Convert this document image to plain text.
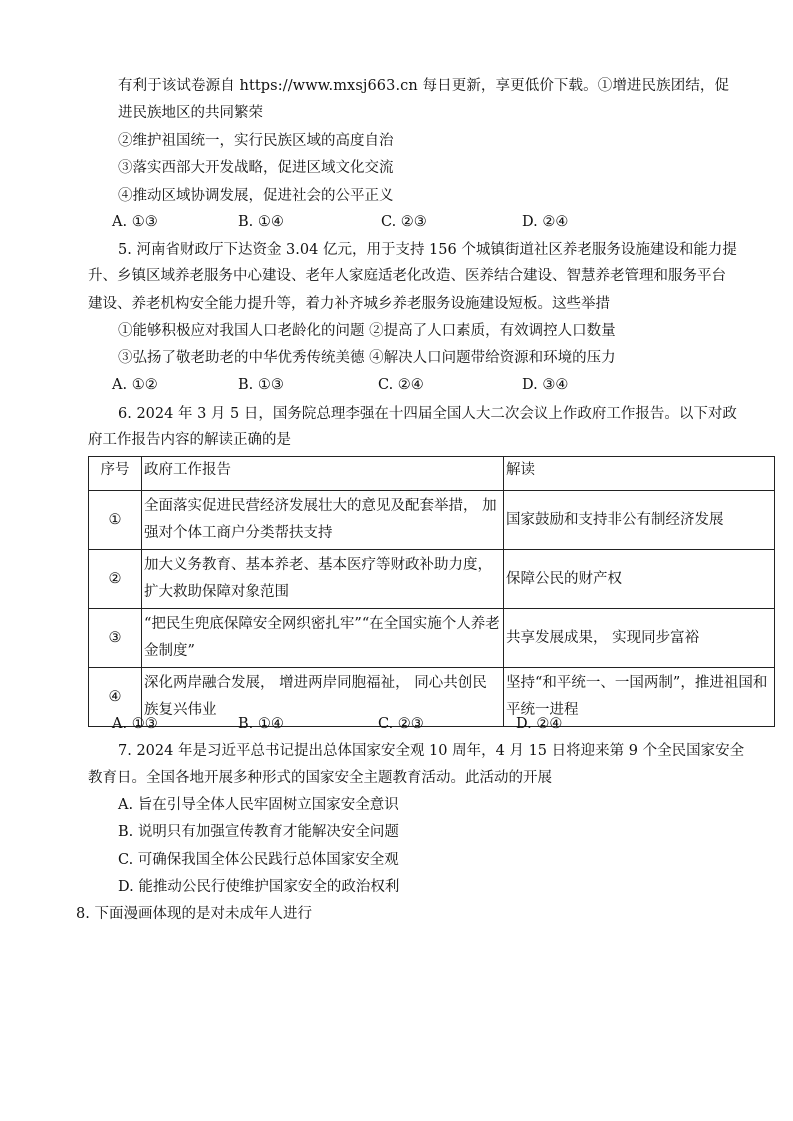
有利于该试卷源自 https://www.mxsj663.cn 每日更新，享更低价下载。①增进民族团结，促
进民族地区的共同繁荣
②维护祖国统一，实行民族区域的高度自治
③落实西部大开发战略，促进区域文化交流
④推动区域协调发展，促进社会的公平正义
A. ①③	B. ①④	C. ②③	D. ②④
5. 河南省财政厅下达资金 3.04 亿元，用于支持 156 个城镇街道社区养老服务设施建设和能力提
升、乡镇区域养老服务中心建设、老年人家庭适老化改造、医养结合建设、智慧养老管理和服务平台
建设、养老机构安全能力提升等，着力补齐城乡养老服务设施建设短板。这些举措
①能够积极应对我国人口老龄化的问题 ②提高了人口素质，有效调控人口数量
③弘扬了敬老助老的中华优秀传统美德 ④解决人口问题带给资源和环境的压力
A. ①②	B. ①③	C. ②④	D. ③④
6. 2024 年 3 月 5 日，国务院总理李强在十四届全国人大二次会议上作政府工作报告。以下对政
府工作报告内容的解读正确的是
序号	政府工作报告	解读
①	全面落实促进民营经济发展壮大的意见及配套举措， 加强对个体工商户分类帮扶支持	国家鼓励和支持非公有制经济发展
②	加大义务教育、基本养老、基本医疗等财政补助力度， 扩大救助保障对象范围	保障公民的财产权
③	“把民生兜底保障安全网织密扎牢”“在全国实施个人养老金制度”	共享发展成果， 实现同步富裕
④	深化两岸融合发展， 增进两岸同胞福祉， 同心共创民族复兴伟业	坚持“和平统一、一国两制”，推进祖国和平统一进程
A. ①③	B. ①④	C. ②③	D. ②④
7. 2024 年是习近平总书记提出总体国家安全观 10 周年，4 月 15 日将迎来第 9 个全民国家安全
教育日。全国各地开展多种形式的国家安全主题教育活动。此活动的开展
A. 旨在引导全体人民牢固树立国家安全意识
B. 说明只有加强宣传教育才能解决安全问题
C. 可确保我国全体公民践行总体国家安全观
D. 能推动公民行使维护国家安全的政治权利
8. 下面漫画体现的是对未成年人进行
